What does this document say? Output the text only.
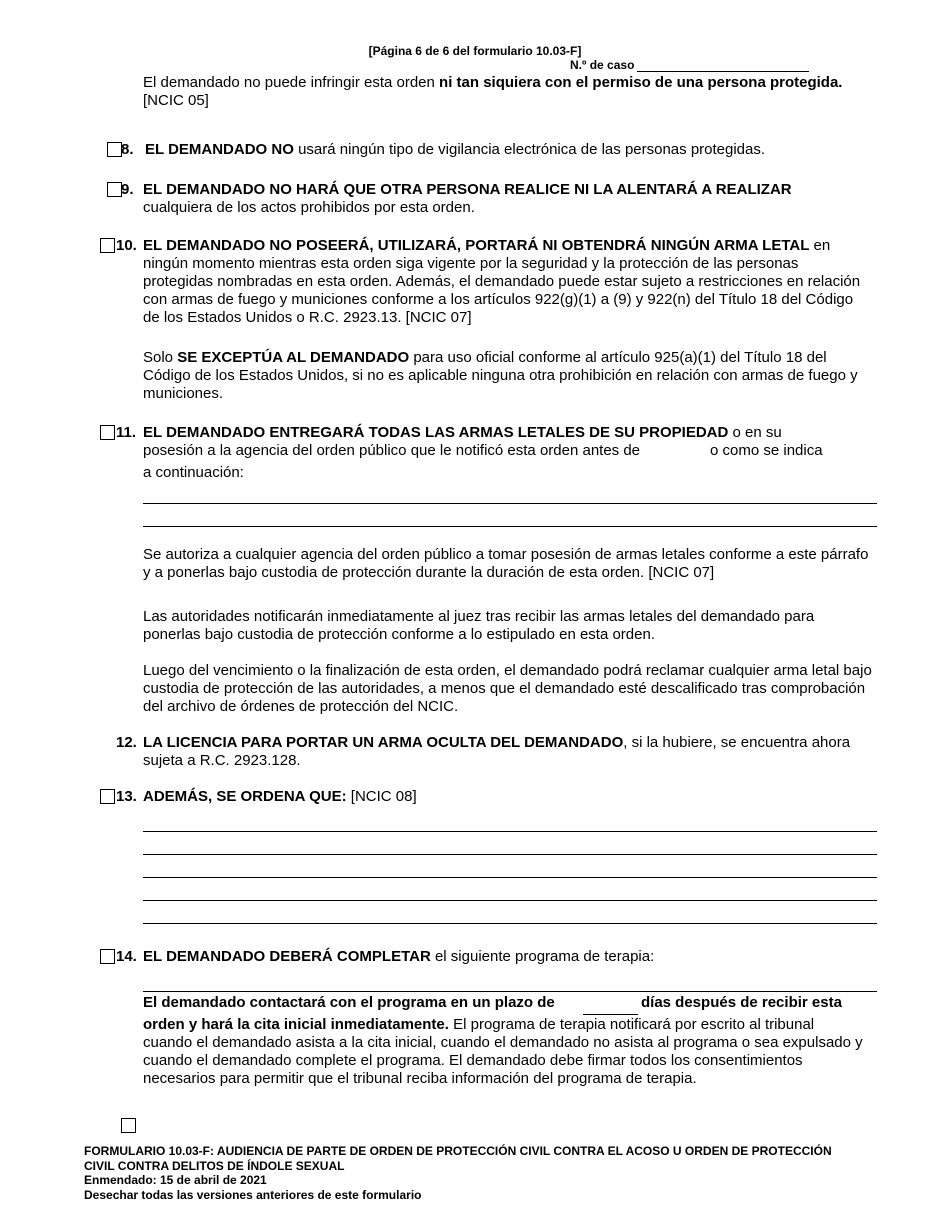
[Página 6 de 6 del formulario 10.03-F]
N.º de caso
El demandado no puede infringir esta orden ni tan siquiera con el permiso de una persona protegida.
[NCIC 05]
8. EL DEMANDADO NO usará ningún tipo de vigilancia electrónica de las personas protegidas.
9. EL DEMANDADO NO HARÁ QUE OTRA PERSONA REALICE NI LA ALENTARÁ A REALIZAR
cualquiera de los actos prohibidos por esta orden.
10. EL DEMANDADO NO POSEERÁ, UTILIZARÁ, PORTARÁ NI OBTENDRÁ NINGÚN ARMA LETAL en ningún momento mientras esta orden siga vigente por la seguridad y la protección de las personas protegidas nombradas en esta orden. Además, el demandado puede estar sujeto a restricciones en relación con armas de fuego y municiones conforme a los artículos 922(g)(1) a (9) y 922(n) del Título 18 del Código de los Estados Unidos o R.C. 2923.13. [NCIC 07]
Solo SE EXCEPTÚA AL DEMANDADO para uso oficial conforme al artículo 925(a)(1) del Título 18 del Código de los Estados Unidos, si no es aplicable ninguna otra prohibición en relación con armas de fuego y municiones.
11. EL DEMANDADO ENTREGARÁ TODAS LAS ARMAS LETALES DE SU PROPIEDAD o en su
posesión a la agencia del orden público que le notificó esta orden antes de	o como se indica
a continuación:
Se autoriza a cualquier agencia del orden público a tomar posesión de armas letales conforme a este párrafo y a ponerlas bajo custodia de protección durante la duración de esta orden. [NCIC 07]
Las autoridades notificarán inmediatamente al juez tras recibir las armas letales del demandado para ponerlas bajo custodia de protección conforme a lo estipulado en esta orden.
Luego del vencimiento o la finalización de esta orden, el demandado podrá reclamar cualquier arma letal bajo custodia de protección de las autoridades, a menos que el demandado esté descalificado tras comprobación del archivo de órdenes de protección del NCIC.
12. LA LICENCIA PARA PORTAR UN ARMA OCULTA DEL DEMANDADO, si la hubiere, se encuentra ahora sujeta a R.C. 2923.128.
13. ADEMÁS, SE ORDENA QUE: [NCIC 08]
14. EL DEMANDADO DEBERÁ COMPLETAR el siguiente programa de terapia:
El demandado contactará con el programa en un plazo de	días después de recibir esta
orden y hará la cita inicial inmediatamente. El programa de terapia notificará por escrito al tribunal cuando el demandado asista a la cita inicial, cuando el demandado no asista al programa o sea expulsado y cuando el demandado complete el programa. El demandado debe firmar todos los consentimientos necesarios para permitir que el tribunal reciba información del programa de terapia.
FORMULARIO 10.03-F: AUDIENCIA DE PARTE DE ORDEN DE PROTECCIÓN CIVIL CONTRA EL ACOSO U ORDEN DE PROTECCIÓN
CIVIL CONTRA DELITOS DE ÍNDOLE SEXUAL
Enmendado: 15 de abril de 2021
Desechar todas las versiones anteriores de este formulario
